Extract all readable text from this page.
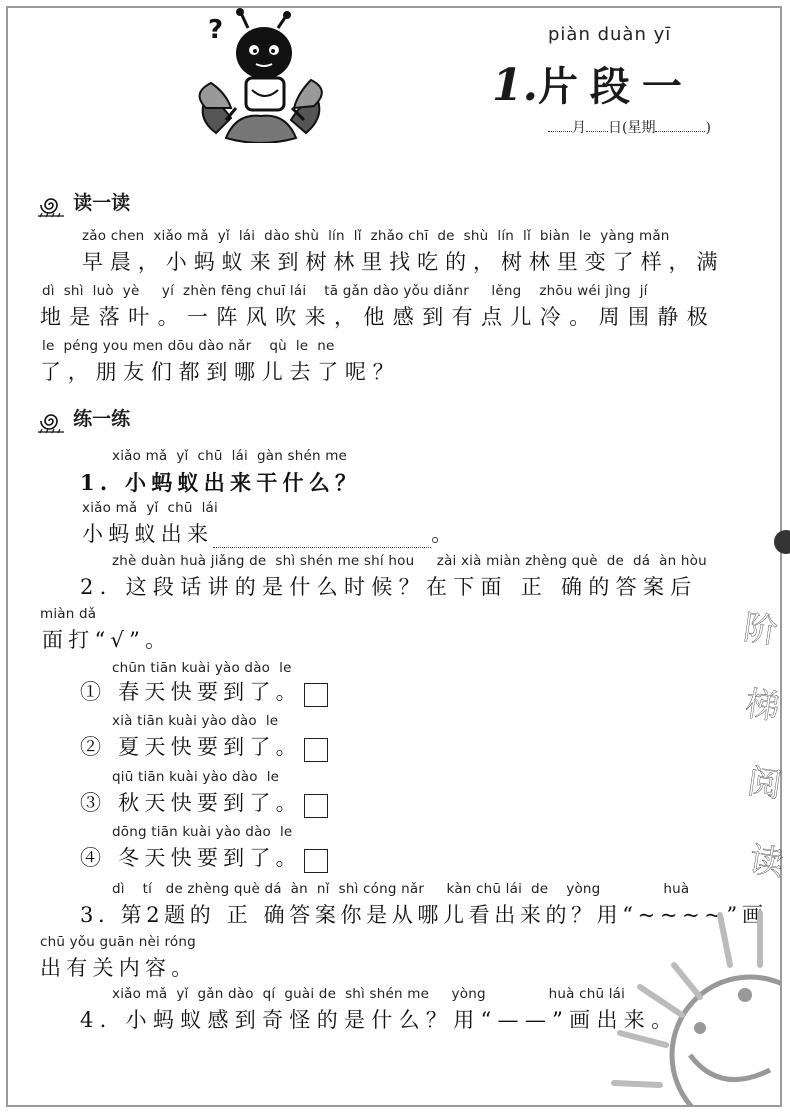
?	piàn duàn yī
1.片段一
月 日(星期	)
读一读
zǎo chen  xiǎo mǎ  yǐ  lái  dào shù  lín  lǐ  zhǎo chī  de  shù  lín  lǐ  biàn  le  yàng mǎn
早晨，小蚂蚁来到树林里找吃的，树林里变了样，满
dì  shì  luò  yè     yí  zhèn fēng chuī lái    tā gǎn dào yǒu diǎnr     lěng    zhōu wéi jìng  jí
地是落叶。一阵风吹来，他感到有点儿冷。周围静极
le  péng you men dōu dào nǎr    qù  le  ne
了，朋友们都到哪儿去了呢？
练一练
xiǎo mǎ  yǐ  chū  lái  gàn shén me
1. 小蚂蚁出来干什么？
xiǎo mǎ  yǐ  chū  lái
小蚂蚁出来	。
zhè duàn huà jiǎng de  shì shén me shí hou     zài xià miàn zhèng què  de  dá  àn hòu
2. 这段话讲的是什么时候？在下面 正 确的答案后
miàn dǎ
面打“√”。
chūn tiān kuài yào dào  le
① 春天快要到了。
xià tiān kuài yào dào  le
② 夏天快要到了。
qiū tiān kuài yào dào  le
③ 秋天快要到了。
dōng tiān kuài yào dào  le
④ 冬天快要到了。
dì    tí   de zhèng què dá  àn  nǐ  shì cóng nǎr     kàn chū lái  de    yòng              huà
3. 第2题的 正 确答案你是从哪儿看出来的？用“~~~~”画
chū yǒu guān nèi róng
出有关内容。
xiǎo mǎ  yǐ  gǎn dào  qí  guài de  shì shén me     yòng              huà chū lái
4. 小蚂蚁感到奇怪的是什么？用“——”画出来。
阶
梯
阅
读
